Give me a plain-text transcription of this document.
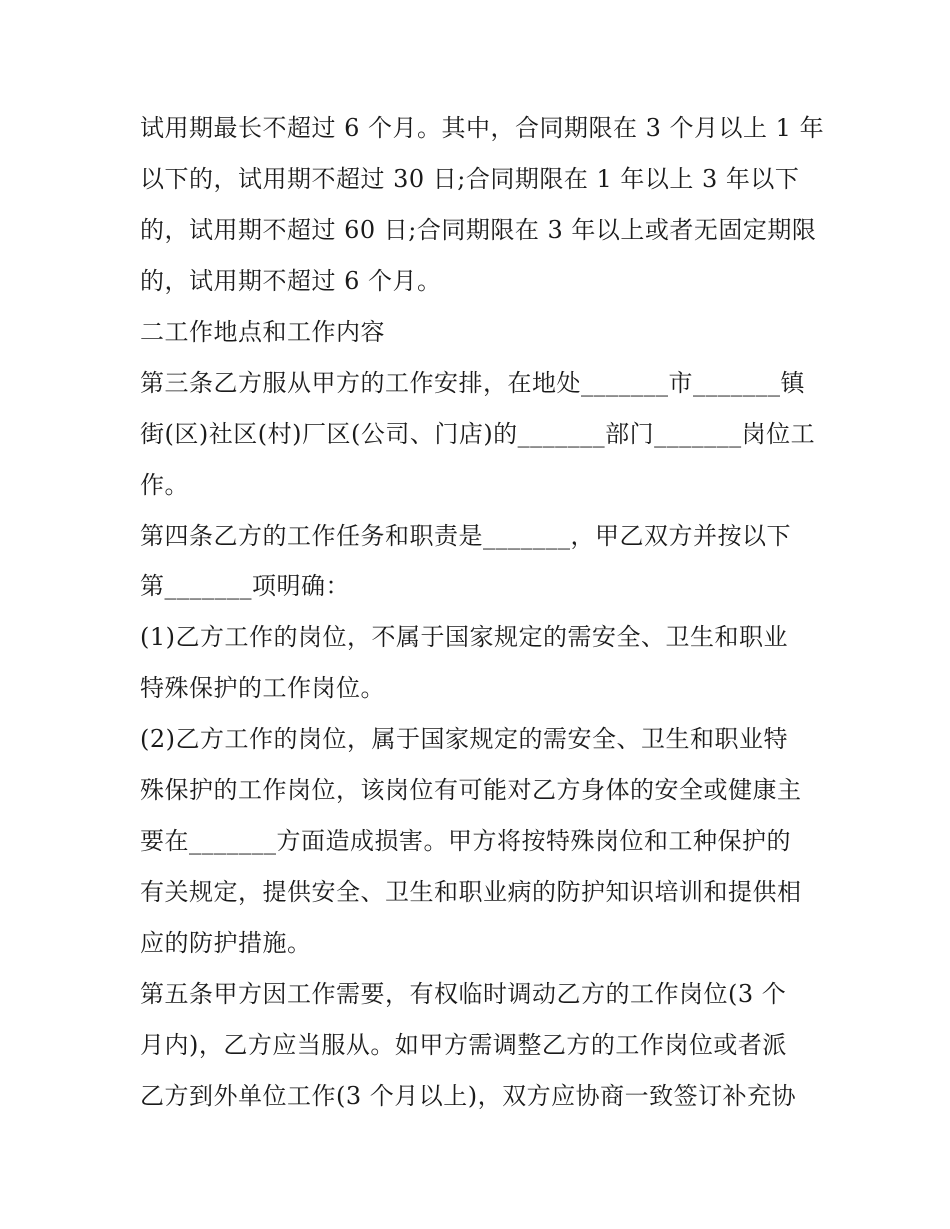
试用期最长不超过 6 个月。其中，合同期限在 3 个月以上 1 年
以下的，试用期不超过 30 日;合同期限在 1 年以上 3 年以下
的，试用期不超过 60 日;合同期限在 3 年以上或者无固定期限
的，试用期不超过 6 个月。
二工作地点和工作内容
第三条乙方服从甲方的工作安排，在地处_______市_______镇
街(区)社区(村)厂区(公司、门店)的_______部门_______岗位工
作。
第四条乙方的工作任务和职责是_______，甲乙双方并按以下
第_______项明确：
(1)乙方工作的岗位，不属于国家规定的需安全、卫生和职业
特殊保护的工作岗位。
(2)乙方工作的岗位，属于国家规定的需安全、卫生和职业特
殊保护的工作岗位，该岗位有可能对乙方身体的安全或健康主
要在_______方面造成损害。甲方将按特殊岗位和工种保护的
有关规定，提供安全、卫生和职业病的防护知识培训和提供相
应的防护措施。
第五条甲方因工作需要，有权临时调动乙方的工作岗位(3 个
月内)，乙方应当服从。如甲方需调整乙方的工作岗位或者派
乙方到外单位工作(3 个月以上)，双方应协商一致签订补充协
